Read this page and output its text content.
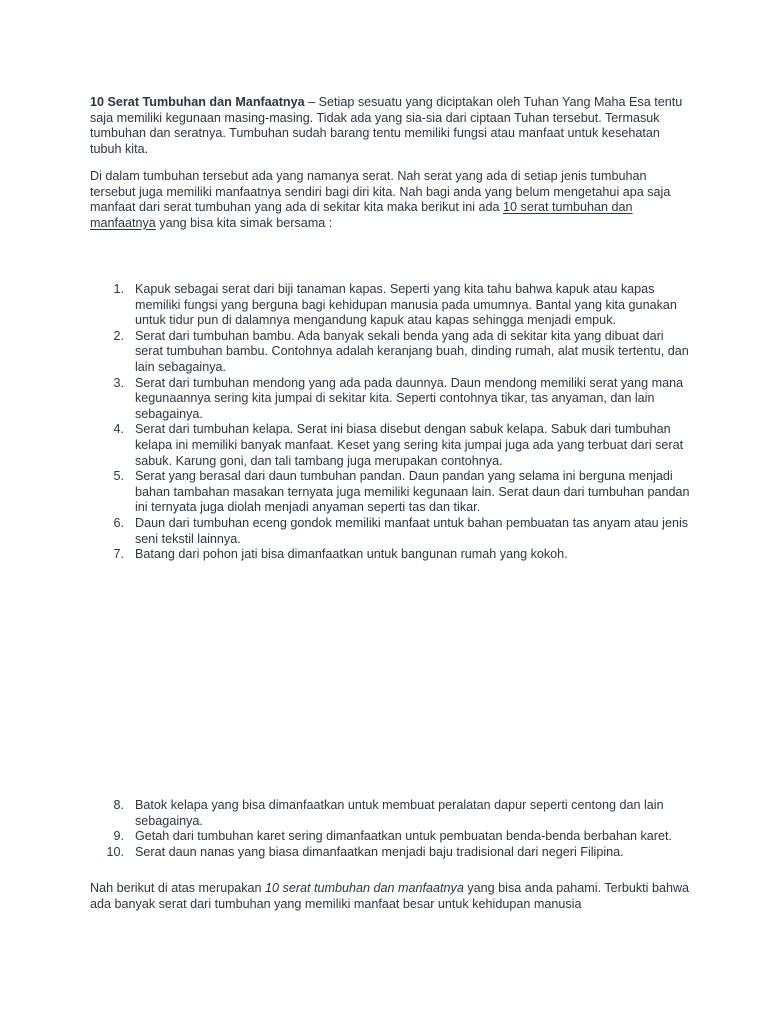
10 Serat Tumbuhan dan Manfaatnya – Setiap sesuatu yang diciptakan oleh Tuhan Yang Maha Esa tentu saja memiliki kegunaan masing-masing. Tidak ada yang sia-sia dari ciptaan Tuhan tersebut. Termasuk tumbuhan dan seratnya. Tumbuhan sudah barang tentu memiliki fungsi atau manfaat untuk kesehatan tubuh kita.

Di dalam tumbuhan tersebut ada yang namanya serat. Nah serat yang ada di setiap jenis tumbuhan tersebut juga memiliki manfaatnya sendiri bagi diri kita. Nah bagi anda yang belum mengetahui apa saja manfaat dari serat tumbuhan yang ada di sekitar kita maka berikut ini ada 10 serat tumbuhan dan manfaatnya yang bisa kita simak bersama :

1. Kapuk sebagai serat dari biji tanaman kapas. Seperti yang kita tahu bahwa kapuk atau kapas memiliki fungsi yang berguna bagi kehidupan manusia pada umumnya. Bantal yang kita gunakan untuk tidur pun di dalamnya mengandung kapuk atau kapas sehingga menjadi empuk.
2. Serat dari tumbuhan bambu. Ada banyak sekali benda yang ada di sekitar kita yang dibuat dari serat tumbuhan bambu. Contohnya adalah keranjang buah, dinding rumah, alat musik tertentu, dan lain sebagainya.
3. Serat dari tumbuhan mendong yang ada pada daunnya. Daun mendong memiliki serat yang mana kegunaannya sering kita jumpai di sekitar kita. Seperti contohnya tikar, tas anyaman, dan lain sebagainya.
4. Serat dari tumbuhan kelapa. Serat ini biasa disebut dengan sabuk kelapa. Sabuk dari tumbuhan kelapa ini memiliki banyak manfaat. Keset yang sering kita jumpai juga ada yang terbuat dari serat sabuk. Karung goni, dan tali tambang juga merupakan contohnya.
5. Serat yang berasal dari daun tumbuhan pandan. Daun pandan yang selama ini berguna menjadi bahan tambahan masakan ternyata juga memiliki kegunaan lain. Serat daun dari tumbuhan pandan ini ternyata juga diolah menjadi anyaman seperti tas dan tikar.
6. Daun dari tumbuhan eceng gondok memiliki manfaat untuk bahan pembuatan tas anyam atau jenis seni tekstil lainnya.
7. Batang dari pohon jati bisa dimanfaatkan untuk bangunan rumah yang kokoh.
8. Batok kelapa yang bisa dimanfaatkan untuk membuat peralatan dapur seperti centong dan lain sebagainya.
9. Getah dari tumbuhan karet sering dimanfaatkan untuk pembuatan benda-benda berbahan karet.
10. Serat daun nanas yang biasa dimanfaatkan menjadi baju tradisional dari negeri Filipina.

Nah berikut di atas merupakan 10 serat tumbuhan dan manfaatnya yang bisa anda pahami. Terbukti bahwa ada banyak serat dari tumbuhan yang memiliki manfaat besar untuk kehidupan manusia
